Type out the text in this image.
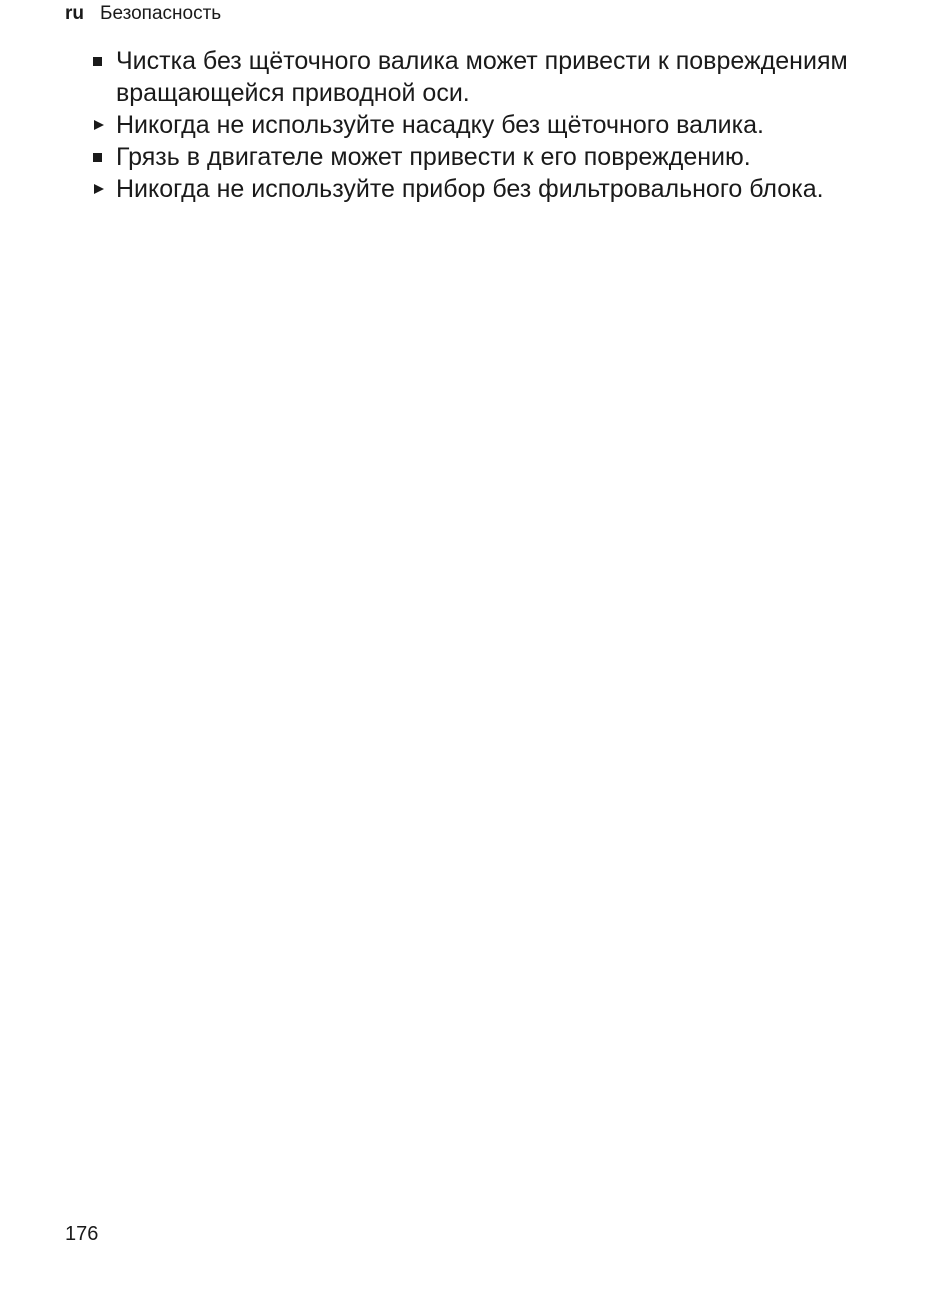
ru Безопасность
Чистка без щёточного валика может привести к повреждениям вращающейся приводной оси.
Никогда не используйте насадку без щёточного валика.
Грязь в двигателе может привести к его повреждению.
Никогда не используйте прибор без фильтровального блока.
176
